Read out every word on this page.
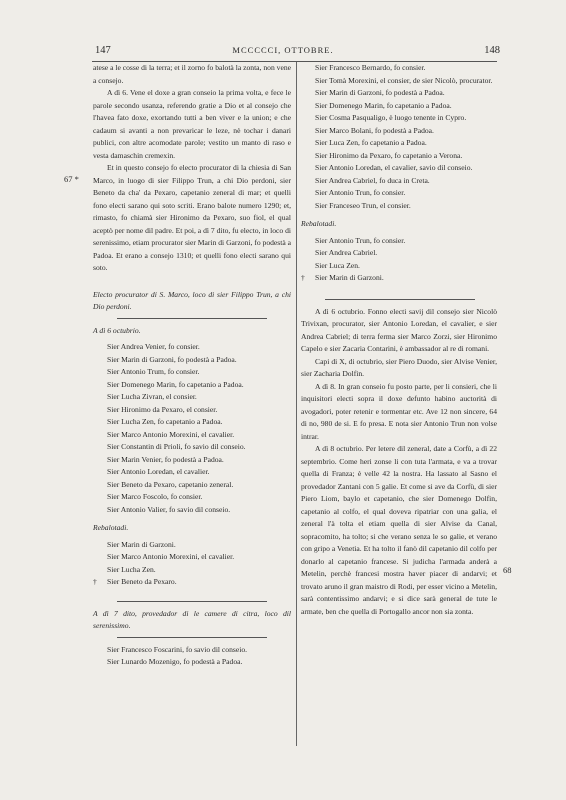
147	MCCCCCI, OTTOBRE.	148
67 *
68

atese a le cosse di la terra; et il zorno fo balotà la zonta, non vene a consejo.

A dì 6. Vene el doxe a gran conseio la prima volta, e fece le parole secondo usanza, referendo gratie a Dio et al consejo che l'havea fato doxe, exortando tutti a ben viver e la union; e che cadaum si avanti a non prevaricar le leze, nè tochar i danari publici, con altre acomodate parole; vestito un manto di raso e vesta damaschin cremexin.

Et in questo consejo fo electo procurator di la chiesia di San Marco, in luogo di sier Filippo Trun, a chi Dio perdoni, sier Beneto da cha' da Pexaro, capetanio zeneral di mar; et quelli fono electi sarano qui soto scriti. Erano balote numero 1290; et, rimasto, fo chiamà sier Hironimo da Pexaro, suo fiol, el qual aceptò per nome dil padre. Et poi, a dì 7 dito, fu electo, in loco di serenissimo, etiam procurator sier Marin di Garzoni, fo podestà a Padoa. Et erano a consejo 1310; et quelli fono electi sarano qui soto.

Electo procurator di S. Marco, loco di sier Filippo Trun, a chi Dio perdoni.

A dì 6 octubrio.

Sier Andrea Venier, fo consier.

Sier Marin di Garzoni, fo podestà a Padoa.

Sier Antonio Trum, fo consier.

Sier Domenego Marin, fo capetanio a Padoa.

Sier Lucha Zivran, el consier.

Sier Hironimo da Pexaro, el consier.

Sier Lucha Zen, fo capetanio a Padoa.

Sier Marco Antonio Morexini, el cavalier.

Sier Constantin di Prioli, fo savio dil conseio.

Sier Marin Venier, fo podestà a Padoa.

Sier Antonio Loredan, el cavalier.

Sier Beneto da Pexaro, capetanio zeneral.

Sier Marco Foscolo, fo consier.

Sier Antonio Valier, fo savio dil conseio.

Rebalotadi.

Sier Marin di Garzoni.

Sier Marco Antonio Morexini, el cavalier.

Sier Lucha Zen.

† Sier Beneto da Pexaro.

A dì 7 dito, provedador di le camere di citra, loco dil serenissimo.

Sier Francesco Foscarini, fo savio dil conseio.

Sier Lunardo Mozenigo, fo podestà a Padoa.

Sier Francesco Bernardo, fo consier.

Sier Tomà Morexini, el consier, de sier Nicolò, procurator.

Sier Marin di Garzoni, fo podestà a Padoa.

Sier Domenego Marin, fo capetanio a Padoa.

Sier Cosma Pasqualigo, è luogo tenente in Cypro.

Sier Marco Bolani, fo podestà a Padoa.

Sier Luca Zen, fo capetanio a Padoa.

Sier Hironimo da Pexaro, fo capetanio a Verona.

Sier Antonio Loredan, el cavalier, savio dil conseio.

Sier Andrea Cabriel, fo duca in Creta.

Sier Antonio Trun, fo consier.

Sier Franceseo Trun, el consier.

Rebalotadi.

Sier Antonio Trun, fo consier.

Sier Andrea Cabriel.

Sier Luca Zen.

† Sier Marin di Garzoni.

A dì 6 octubrio. Fonno electi savij dil consejo sier Nicolò Trivixan, procurator, sier Antonio Loredan, el cavalier, e sier Andrea Cabriel; di terra ferma sier Marco Zorzi, sier Hironimo Capelo e sier Zacaria Contarini, è ambassador al re di romani.

Capi di X, di octubrio, sier Piero Duodo, sier Alvise Venier, sier Zacharia Dolfin.

A dì 8. In gran conseio fu posto parte, per li consieri, che li inquisitori electi sopra il doxe defunto habino auctorità di avogadori, poter retenir e tormentar etc. Ave 12 non sincere, 64 di no, 980 de si. E fo presa. E nota sier Antonio Trun non volse intrar.

A dì 8 octubrio. Per letere dil zeneral, date a Corfù, a dì 22 septembrio. Come heri zonse li con tuta l'armata, e va a trovar quella di Franza; è velle 42 la nostra. Ha lassato al Sasno el provedador Zantani con 5 galie. Et come si ave da Corfù, di sier Piero Liom, baylo et capetanio, che sier Domenego Dolfin, capetanio al colfo, el qual doveva ripatriar con una galia, el zeneral l'à tolta el etiam quella di sier Alvise da Canal, sopracomito, ha tolto; si che verano senza le so galie, et verano con gripo a Venetia. Et ha tolto il fanò dil capetanio dil colfo per donarlo al capetanio francese. Si judicha l'armada anderà a Metelin, perchè francesi mostra haver piacer di andarvi; et trovato aruno il gran maistro di Rodi, per esser vicino a Metelin, sarà contentissimo andarvi; e si dice sarà general de tute le armate, ben che quella di Portogallo ancor non sia zonta.
